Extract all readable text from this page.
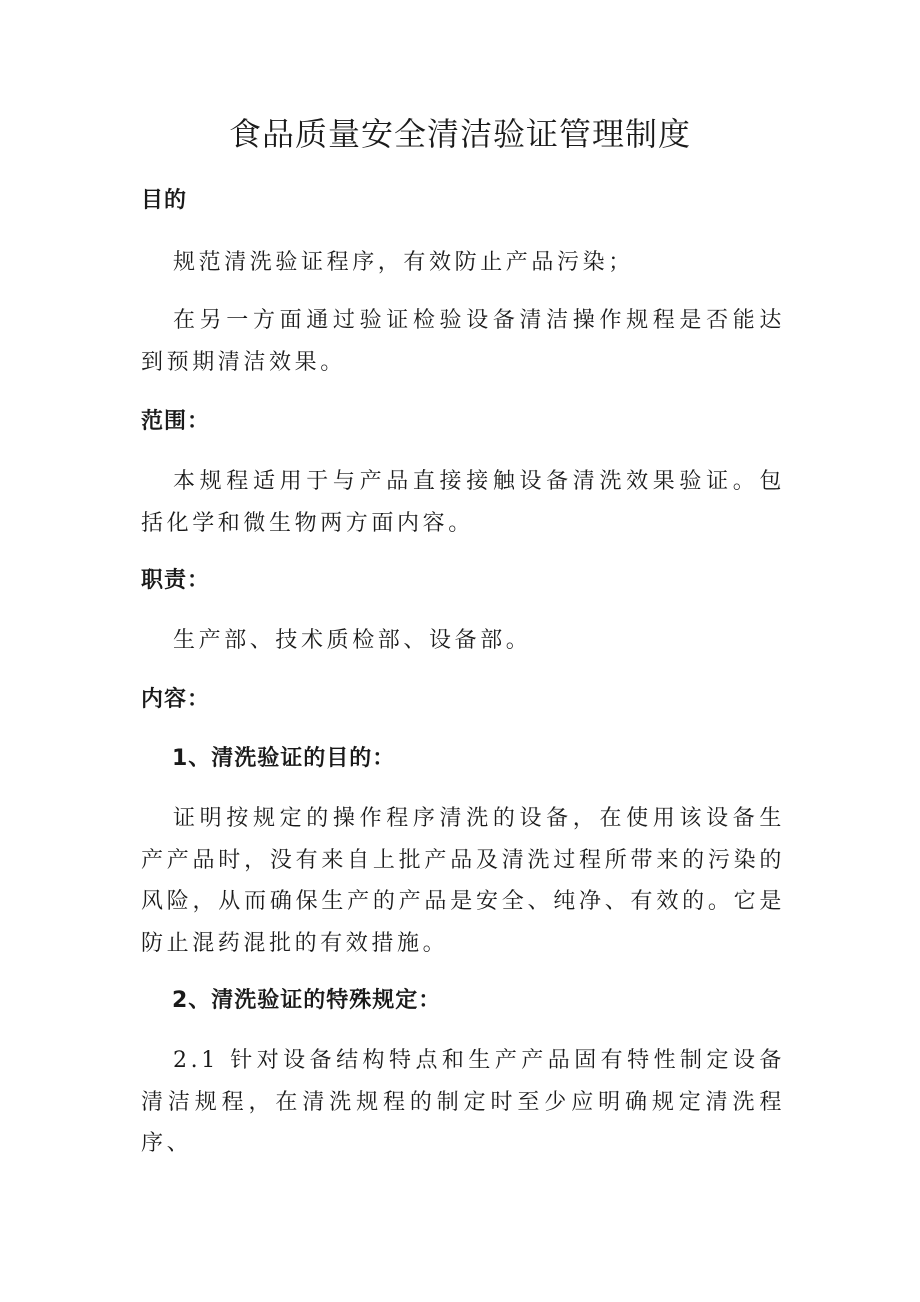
食品质量安全清洁验证管理制度
目的

规范清洗验证程序，有效防止产品污染；

在另一方面通过验证检验设备清洁操作规程是否能达到预期清洁效果。

范围：

本规程适用于与产品直接接触设备清洗效果验证。包括化学和微生物两方面内容。

职责：

生产部、技术质检部、设备部。

内容：
1、清洗验证的目的：

证明按规定的操作程序清洗的设备，在使用该设备生产产品时，没有来自上批产品及清洗过程所带来的污染的风险，从而确保生产的产品是安全、纯净、有效的。它是防止混药混批的有效措施。

2、清洗验证的特殊规定：

2.1 针对设备结构特点和生产产品固有特性制定设备清洁规程，在清洗规程的制定时至少应明确规定清洗程序、
